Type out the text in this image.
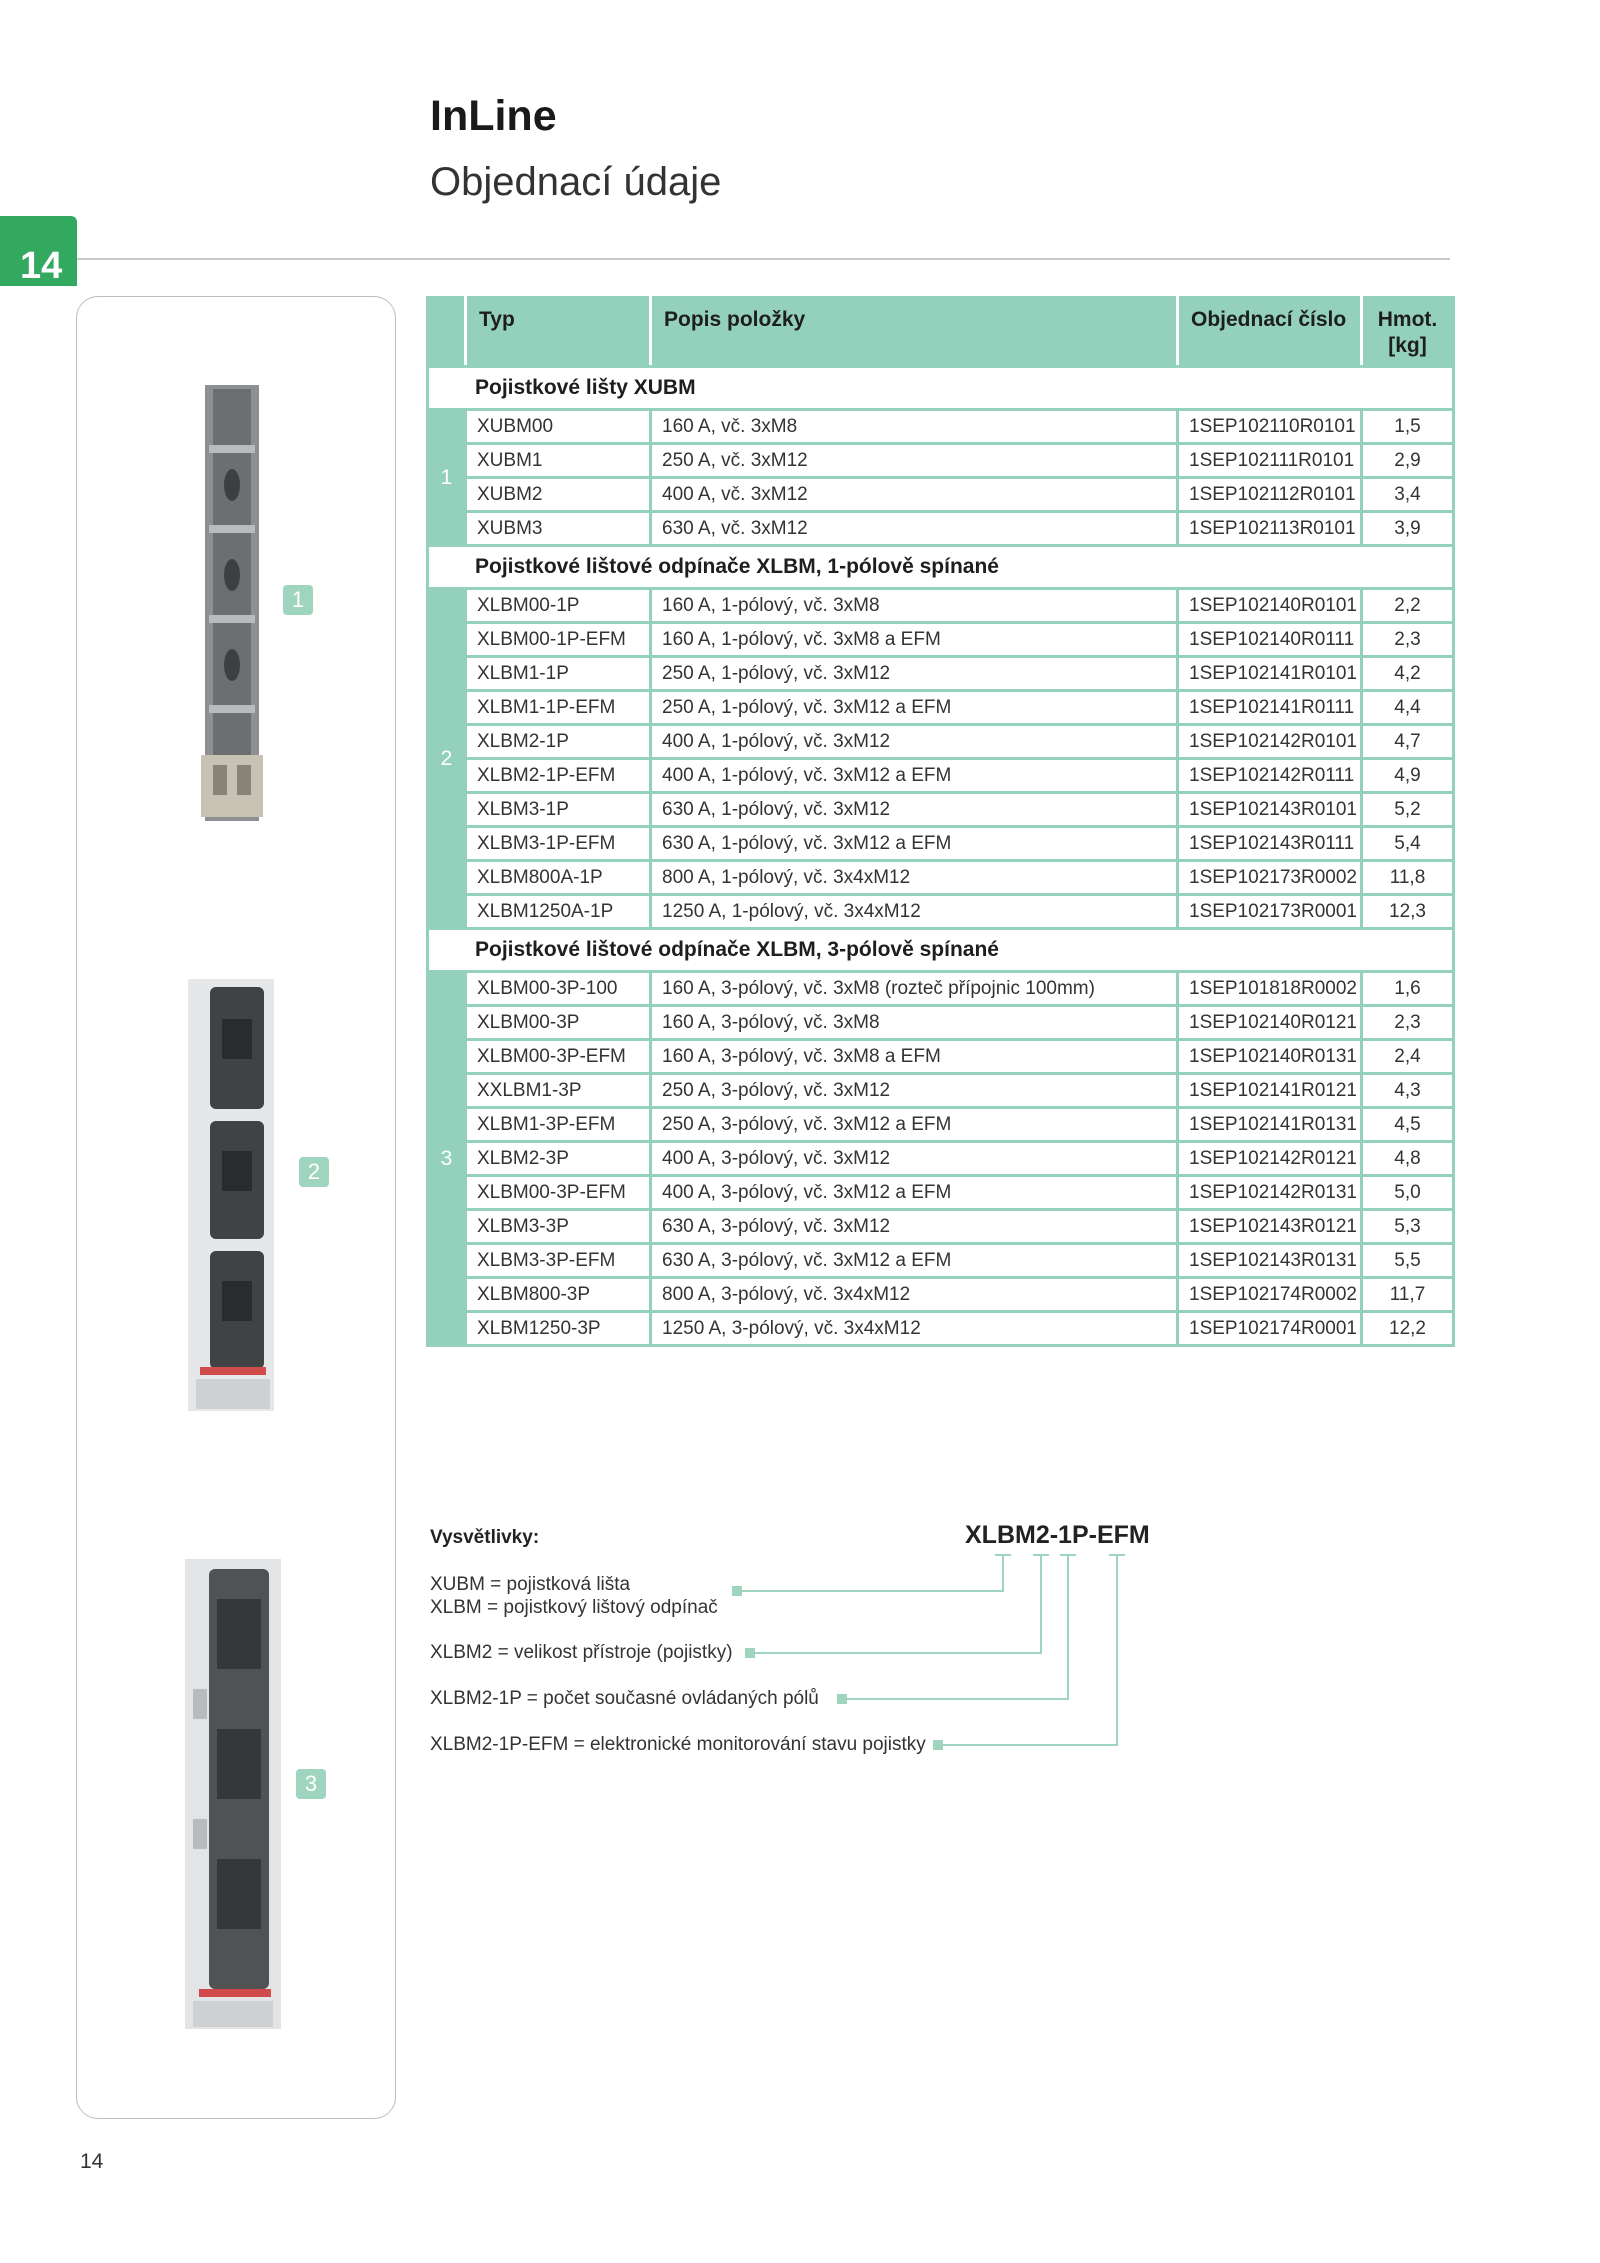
InLine
Objednací údaje
14
1
2
3
	Typ	Popis položky	Objednací číslo	Hmot.
[kg]
Pojistkové lišty XUBM				
1	XUBM00	160 A, vč. 3xM8	1SEP102110R0101	1,5
	XUBM1	250 A, vč. 3xM12	1SEP102111R0101	2,9
	XUBM2	400 A, vč. 3xM12	1SEP102112R0101	3,4
	XUBM3	630 A, vč. 3xM12	1SEP102113R0101	3,9
Pojistkové lištové odpínače XLBM, 1-pólově spínané				
2	XLBM00-1P	160 A, 1-pólový, vč. 3xM8	1SEP102140R0101	2,2
	XLBM00-1P-EFM	160 A, 1-pólový, vč. 3xM8 a EFM	1SEP102140R0111	2,3
	XLBM1-1P	250 A, 1-pólový, vč. 3xM12	1SEP102141R0101	4,2
	XLBM1-1P-EFM	250 A, 1-pólový, vč. 3xM12 a EFM	1SEP102141R0111	4,4
	XLBM2-1P	400 A, 1-pólový, vč. 3xM12	1SEP102142R0101	4,7
	XLBM2-1P-EFM	400 A, 1-pólový, vč. 3xM12 a EFM	1SEP102142R0111	4,9
	XLBM3-1P	630 A, 1-pólový, vč. 3xM12	1SEP102143R0101	5,2
	XLBM3-1P-EFM	630 A, 1-pólový, vč. 3xM12 a EFM	1SEP102143R0111	5,4
	XLBM800A-1P	800 A, 1-pólový, vč. 3x4xM12	1SEP102173R0002	11,8
	XLBM1250A-1P	1250 A, 1-pólový, vč. 3x4xM12	1SEP102173R0001	12,3
Pojistkové lištové odpínače XLBM, 3-pólově spínané				
3	XLBM00-3P-100	160 A, 3-pólový, vč. 3xM8 (rozteč přípojnic 100mm)	1SEP101818R0002	1,6
	XLBM00-3P	160 A, 3-pólový, vč. 3xM8	1SEP102140R0121	2,3
	XLBM00-3P-EFM	160 A, 3-pólový, vč. 3xM8 a EFM	1SEP102140R0131	2,4
	XXLBM1-3P	250 A, 3-pólový, vč. 3xM12	1SEP102141R0121	4,3
	XLBM1-3P-EFM	250 A, 3-pólový, vč. 3xM12 a EFM	1SEP102141R0131	4,5
	XLBM2-3P	400 A, 3-pólový, vč. 3xM12	1SEP102142R0121	4,8
	XLBM00-3P-EFM	400 A, 3-pólový, vč. 3xM12 a EFM	1SEP102142R0131	5,0
	XLBM3-3P	630 A, 3-pólový, vč. 3xM12	1SEP102143R0121	5,3
	XLBM3-3P-EFM	630 A, 3-pólový, vč. 3xM12 a EFM	1SEP102143R0131	5,5
	XLBM800-3P	800 A, 3-pólový, vč. 3x4xM12	1SEP102174R0002	11,7
	XLBM1250-3P	1250 A, 3-pólový, vč. 3x4xM12	1SEP102174R0001	12,2
Vysvětlivky:	XLBM2-1P-EFM
XUBM = pojistková lišta
XLBM = pojistkový lištový odpínač
XLBM2 = velikost přístroje (pojistky)
XLBM2-1P = počet současné ovládaných pólů
XLBM2-1P-EFM = elektronické monitorování stavu pojistky
14
